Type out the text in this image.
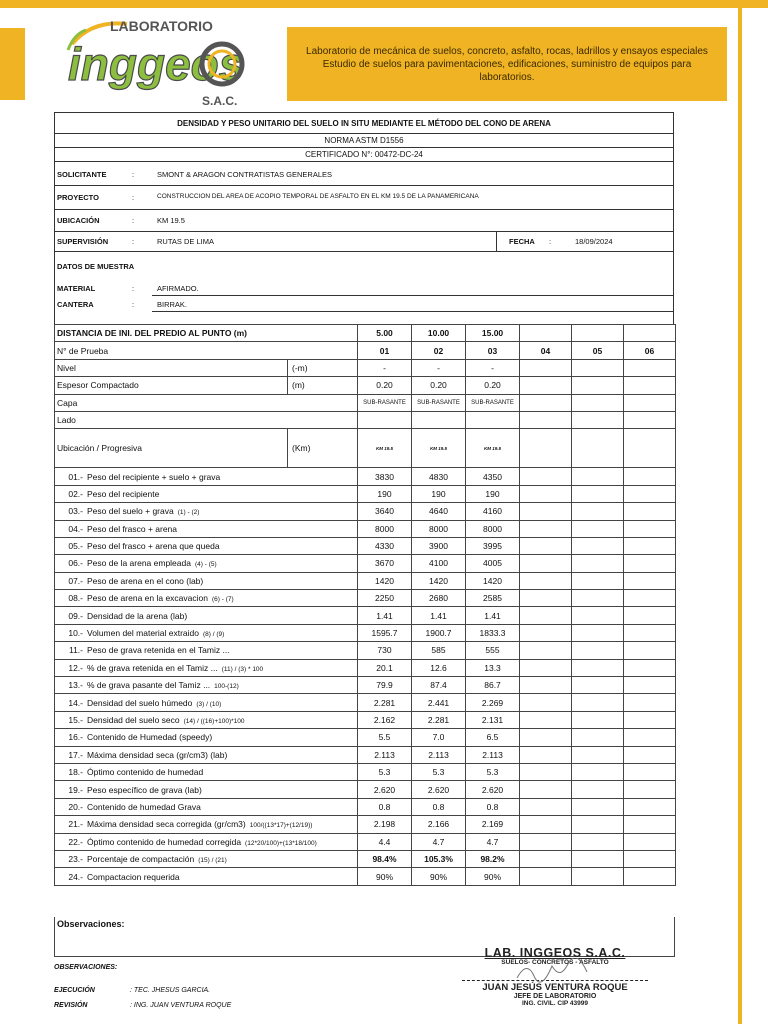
LABORATORIO
inggeos
S.A.C.
Laboratorio de mecánica de suelos, concreto, asfalto, rocas, ladrillos y ensayos especiales
Estudio de suelos para pavimentaciones, edificaciones, suministro de equipos para
laboratorios.
DENSIDAD Y PESO UNITARIO DEL SUELO IN SITU MEDIANTE EL MÉTODO DEL CONO DE ARENA
NORMA ASTM D1556
CERTIFICADO N°: 00472-DC-24
SOLICITANTE	:	SMONT & ARAGON CONTRATISTAS GENERALES
PROYECTO	:	CONSTRUCCION DEL AREA DE ACOPIO TEMPORAL DE ASFALTO EN EL KM 19.5 DE LA PANAMERICANA
UBICACIÓN	:	KM 19.5
SUPERVISIÓN	:	RUTAS DE LIMA	FECHA :	18/09/2024
DATOS DE MUESTRA
MATERIAL	:	AFIRMADO.
CANTERA	:	BIRRAK.
DISTANCIA DE INI. DEL PREDIO AL PUNTO (m)		5.00	10.00	15.00			
N° de Prueba		01	02	03	04	05	06
Nivel	(-m)	-	-	-			
Espesor Compactado	(m)	0.20	0.20	0.20			
Capa		SUB-RASANTE	SUB-RASANTE	SUB-RASANTE			
Lado							
Ubicación / Progresiva	(Km)	KM 19.5	KM 19.5	KM 19.5			
01.- Peso del recipiente + suelo + grava		3830	4830	4350			
02.- Peso del recipiente		190	190	190			
03.- Peso del suelo + grava (1) - (2)		3640	4640	4160			
04.- Peso del frasco + arena		8000	8000	8000			
05.- Peso del frasco + arena que queda		4330	3900	3995			
06.- Peso de la arena empleada (4) - (5)		3670	4100	4005			
07.- Peso de arena en el cono (lab)		1420	1420	1420			
08.- Peso de arena en la excavacion (6) - (7)		2250	2680	2585			
09.- Densidad de la arena (lab)		1.41	1.41	1.41			
10.- Volumen del material extraido (8) / (9)		1595.7	1900.7	1833.3			
11.- Peso de grava retenida en el Tamiz ...		730	585	555			
12.- % de grava retenida en el Tamiz ... (11) / (3) * 100		20.1	12.6	13.3			
13.- % de grava pasante del Tamiz ... 100-(12)		79.9	87.4	86.7			
14.- Densidad del suelo húmedo (3) / (10)		2.281	2.441	2.269			
15.- Densidad del suelo seco (14) / ((16)+100)*100		2.162	2.281	2.131			
16.- Contenido de Humedad (speedy)		5.5	7.0	6.5			
17.- Máxima densidad seca (gr/cm3) (lab)		2.113	2.113	2.113			
18.- Óptimo contenido de humedad		5.3	5.3	5.3			
19.- Peso específico de grava (lab)		2.620	2.620	2.620			
20.- Contenido de humedad Grava		0.8	0.8	0.8			
21.- Máxima densidad seca corregida (gr/cm3) 100/((13*17)+(12/19))		2.198	2.166	2.169			
22.- Óptimo contenido de humedad corregida (12*20/100)+(13*18/100)		4.4	4.7	4.7			
23.- Porcentaje de compactación (15) / (21)		98.4%	105.3%	98.2%			
24.- Compactacion requerida		90%	90%	90%			
Observaciones:
OBSERVACIONES:
EJECUCIÓN	: TEC. JHESUS GARCIA.
REVISIÓN	: ING. JUAN VENTURA ROQUE
LAB. INGGEOS S.A.C.
SUELOS- CONCRETOS - ASFALTO
JUAN JESÚS VENTURA ROQUE
JEFE DE LABORATORIO
ING. CIVIL. CIP 43999
